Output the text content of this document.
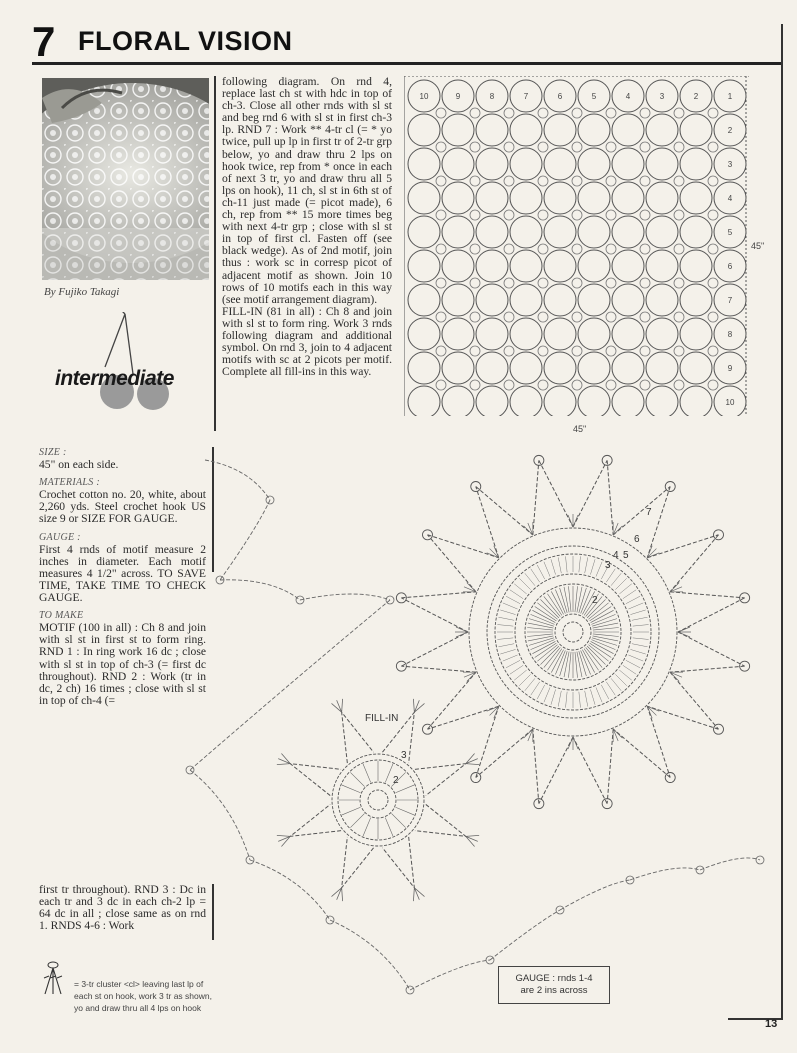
7 FLORAL VISION
By Fujiko Takagi
intermediate
following diagram. On rnd 4, replace last ch st with hdc in top of ch-3. Close all other rnds with sl st and beg rnd 6 with sl st in first ch-3 lp. RND 7 : Work ** 4-tr cl (= * yo twice, pull up lp in first tr of 2-tr grp below, yo and draw thru 2 lps on hook twice, rep from * once in each of next 3 tr, yo and draw thru all 5 lps on hook), 11 ch, sl st in 6th st of ch-11 just made (= picot made), 6 ch, rep from ** 15 more times beg with next 4-tr grp ; close with sl st in top of first cl. Fasten off (see black wedge). As of 2nd motif, join thus : work sc in corresp picot of adjacent motif as shown. Join 10 rows of 10 motifs each in this way (see motif arrangement diagram).
FILL-IN (81 in all) : Ch 8 and join with sl st to form ring. Work 3 rnds following diagram and additional symbol. On rnd 3, join to 4 adjacent motifs with sc at 2 picots per motif. Complete all fill-ins in this way.
SIZE :
45" on each side.
MATERIALS :
Crochet cotton no. 20, white, about 2,260 yds. Steel crochet hook US size 9 or SIZE FOR GAUGE.
GAUGE :
First 4 rnds of motif measure 2 inches in diameter. Each motif measures 4 1/2" across. TO SAVE TIME, TAKE TIME TO CHECK GAUGE.
TO MAKE
MOTIF (100 in all) : Ch 8 and join with sl st in first st to form ring. RND 1 : In ring work 16 dc ; close with sl st in top of ch-3 (= first dc throughout). RND 2 : Work (tr in dc, 2 ch) 16 times ; close with sl st in top of ch-4 (=
first tr throughout). RND 3 : Dc in each tr and 3 dc in each ch-2 lp = 64 dc in all ; close same as on rnd 1. RNDS 4-6 : Work
10	9	8	7	6	5	4	3	2	1
2
3
4
5
6
7
8
9
10
45"
45"
FILL-IN
2
3
4 5
6
7
2
3
= 3-tr cluster <cl> leaving last lp of each st on hook, work 3 tr as shown, yo and draw thru all 4 lps on hook
GAUGE : rnds 1-4
are 2 ins across
13
